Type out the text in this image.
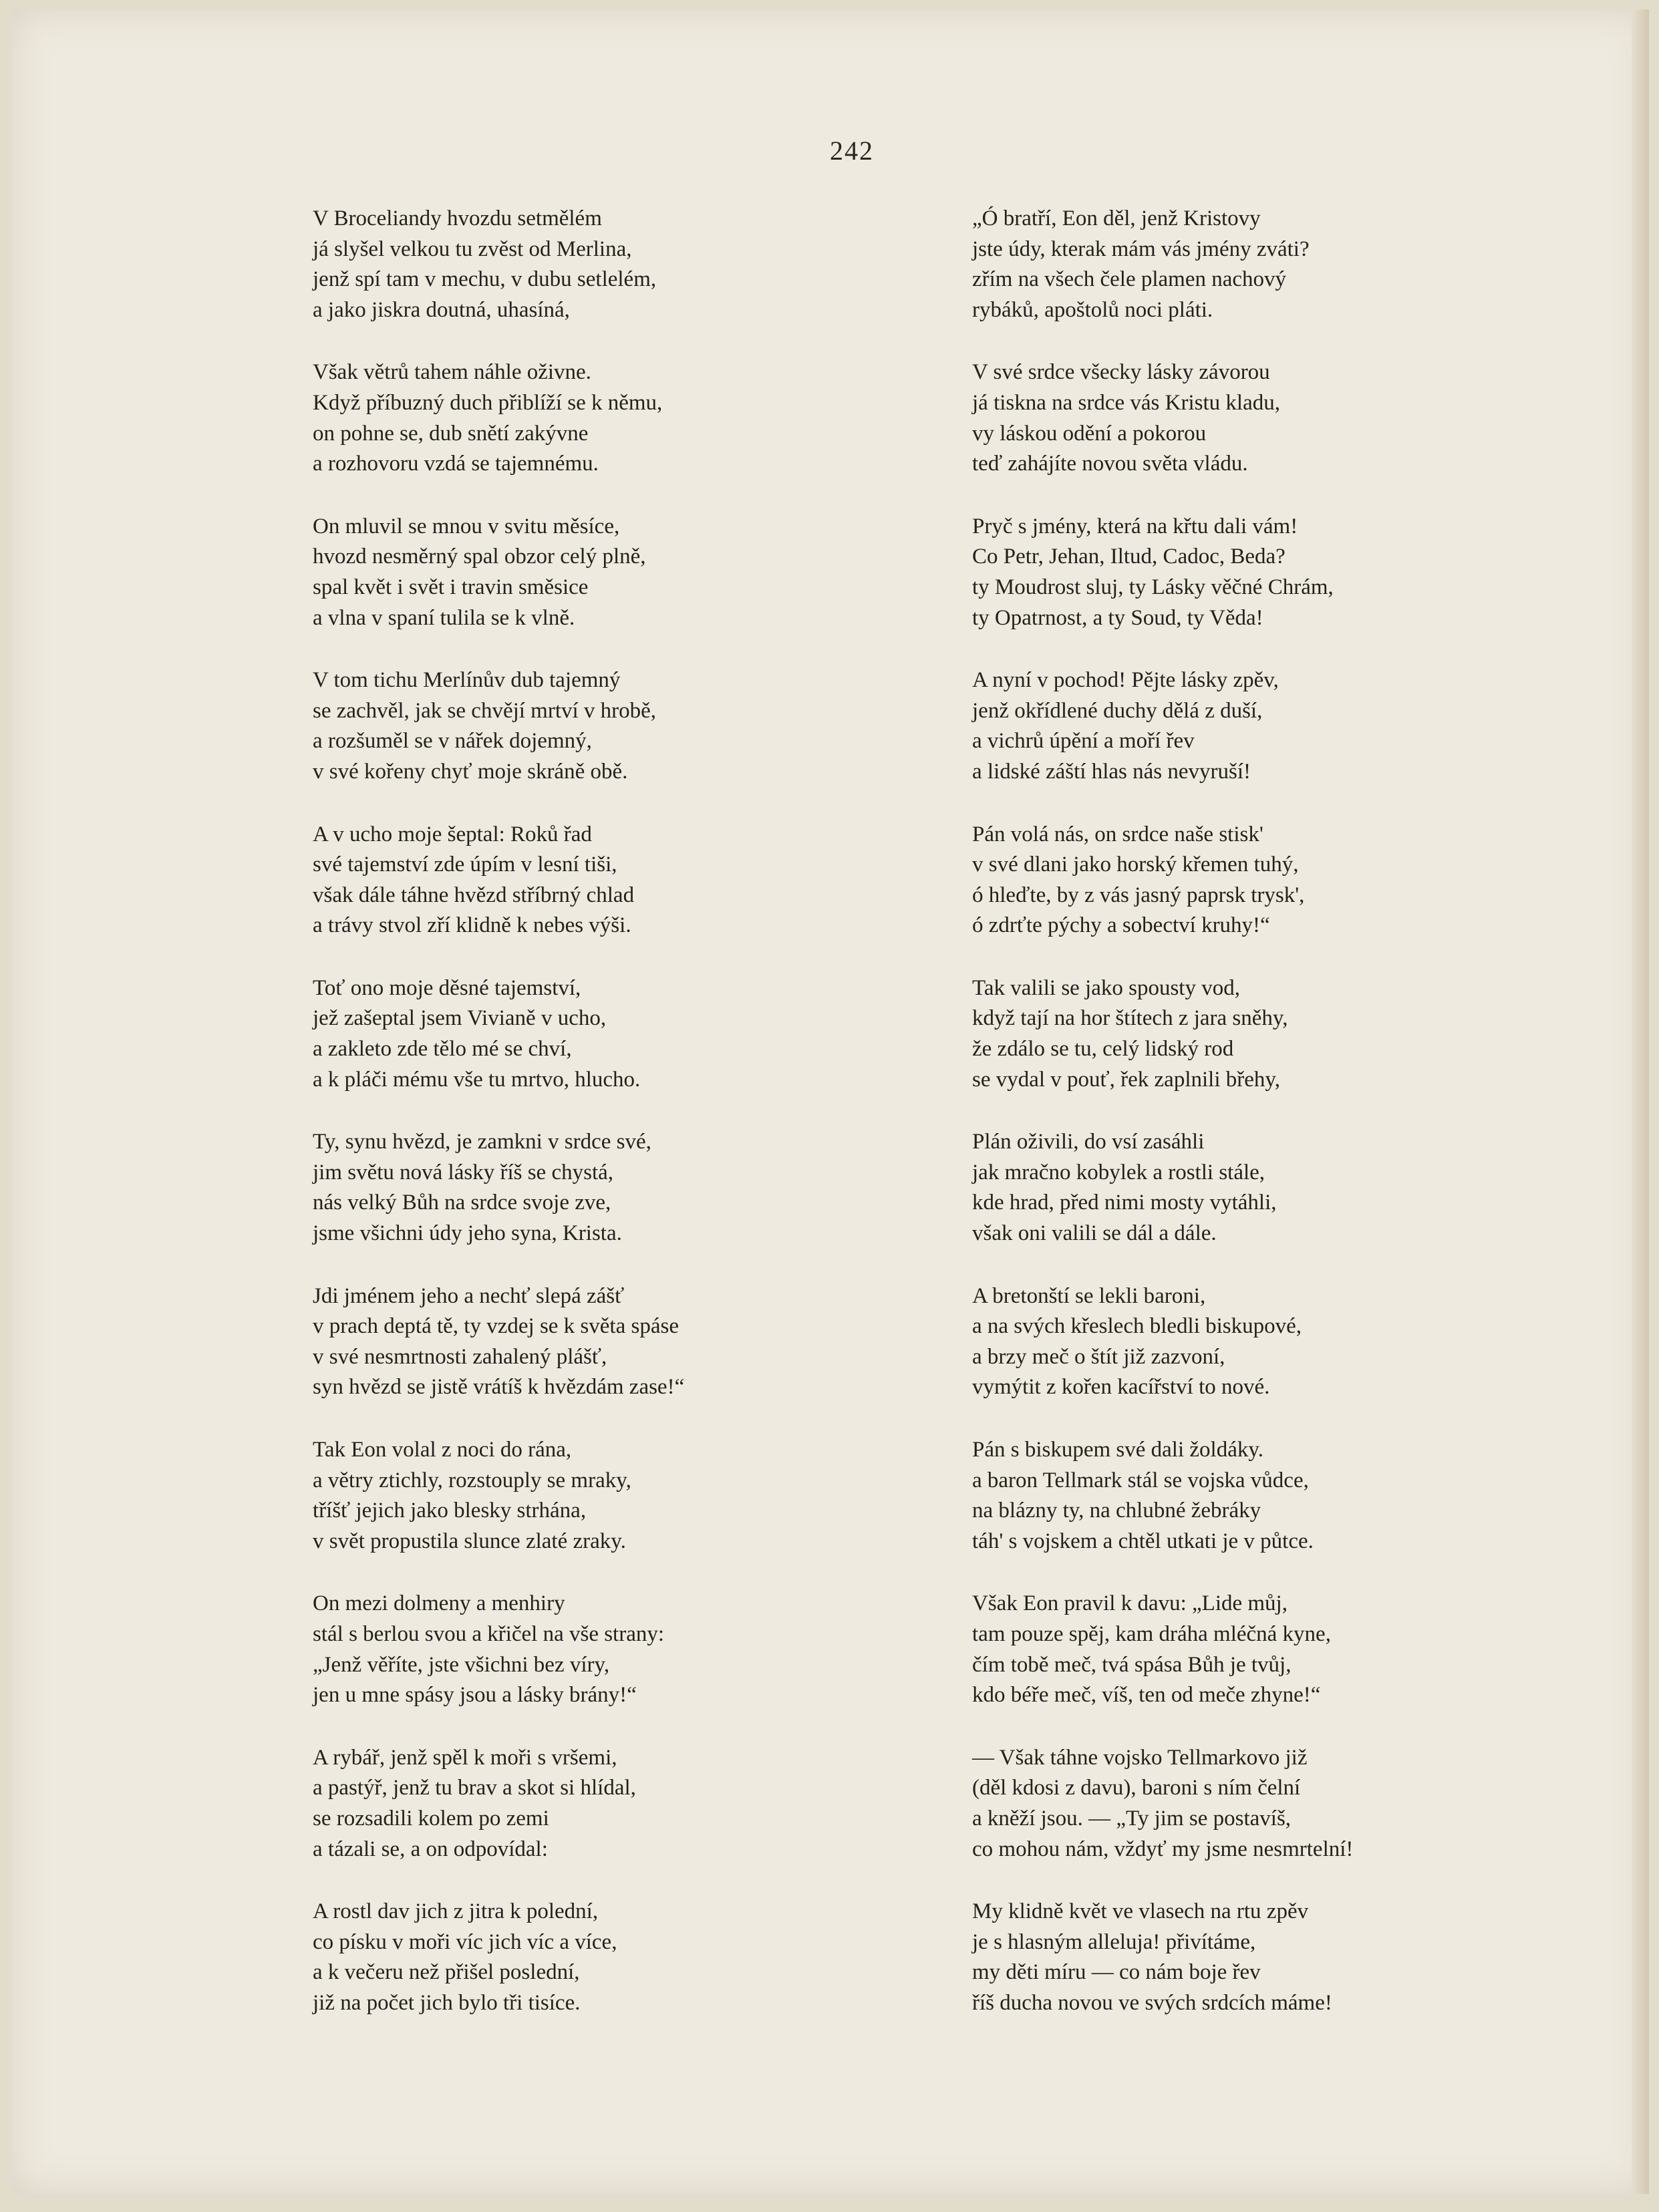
242
V Broceliandy hvozdu setmělém
já slyšel velkou tu zvěst od Merlina,
jenž spí tam v mechu, v dubu setlelém,
a jako jiskra doutná, uhasíná,
Však větrů tahem náhle oživne.
Když příbuzný duch přiblíží se k němu,
on pohne se, dub snětí zakývne
a rozhovoru vzdá se tajemnému.
On mluvil se mnou v svitu měsíce,
hvozd nesměrný spal obzor celý plně,
spal květ i svět i travin směsice
a vlna v spaní tulila se k vlně.
V tom tichu Merlínův dub tajemný
se zachvěl, jak se chvějí mrtví v hrobě,
a rozšuměl se v nářek dojemný,
v své kořeny chyť moje skráně obě.
A v ucho moje šeptal: Roků řad
své tajemství zde úpím v lesní tiši,
však dále táhne hvězd stříbrný chlad
a trávy stvol zří klidně k nebes výši.
Toť ono moje děsné tajemství,
jež zašeptal jsem Vivianě v ucho,
a zakleto zde tělo mé se chví,
a k pláči mému vše tu mrtvo, hlucho.
Ty, synu hvězd, je zamkni v srdce své,
jim světu nová lásky říš se chystá,
nás velký Bůh na srdce svoje zve,
jsme všichni údy jeho syna, Krista.
Jdi jménem jeho a nechť slepá zášť
v prach deptá tě, ty vzdej se k světa spáse
v své nesmrtnosti zahalený plášť,
syn hvězd se jistě vrátíš k hvězdám zase!“
Tak Eon volal z noci do rána,
a větry ztichly, rozstouply se mraky,
tříšť jejich jako blesky strhána,
v svět propustila slunce zlaté zraky.
On mezi dolmeny a menhiry
stál s berlou svou a křičel na vše strany:
„Jenž věříte, jste všichni bez víry,
jen u mne spásy jsou a lásky brány!“
A rybář, jenž spěl k moři s vršemi,
a pastýř, jenž tu brav a skot si hlídal,
se rozsadili kolem po zemi
a tázali se, a on odpovídal:
A rostl dav jich z jitra k polední,
co písku v moři víc jich víc a více,
a k večeru než přišel poslední,
již na počet jich bylo tři tisíce.
„Ó bratří, Eon děl, jenž Kristovy
jste údy, kterak mám vás jmény zváti?
zřím na všech čele plamen nachový
rybáků, apoštolů noci pláti.
V své srdce všecky lásky závorou
já tiskna na srdce vás Kristu kladu,
vy láskou odění a pokorou
teď zahájíte novou světa vládu.
Pryč s jmény, která na křtu dali vám!
Co Petr, Jehan, Iltud, Cadoc, Beda?
ty Moudrost sluj, ty Lásky věčné Chrám,
ty Opatrnost, a ty Soud, ty Věda!
A nyní v pochod! Pějte lásky zpěv,
jenž okřídlené duchy dělá z duší,
a vichrů úpění a moří řev
a lidské záští hlas nás nevyruší!
Pán volá nás, on srdce naše stisk'
v své dlani jako horský křemen tuhý,
ó hleďte, by z vás jasný paprsk trysk',
ó zdrťte pýchy a sobectví kruhy!“
Tak valili se jako spousty vod,
když tají na hor štítech z jara sněhy,
že zdálo se tu, celý lidský rod
se vydal v pouť, řek zaplnili břehy,
Plán oživili, do vsí zasáhli
jak mračno kobylek a rostli stále,
kde hrad, před nimi mosty vytáhli,
však oni valili se dál a dále.
A bretonští se lekli baroni,
a na svých křeslech bledli biskupové,
a brzy meč o štít již zazvoní,
vymýtit z kořen kacířství to nové.
Pán s biskupem své dali žoldáky.
a baron Tellmark stál se vojska vůdce,
na blázny ty, na chlubné žebráky
táh' s vojskem a chtěl utkati je v půtce.
Však Eon pravil k davu: „Lide můj,
tam pouze spěj, kam dráha mléčná kyne,
čím tobě meč, tvá spása Bůh je tvůj,
kdo béře meč, víš, ten od meče zhyne!“
— Však táhne vojsko Tellmarkovo již
(děl kdosi z davu), baroni s ním čelní
a kněží jsou. — „Ty jim se postavíš,
co mohou nám, vždyť my jsme nesmrtelní!
My klidně květ ve vlasech na rtu zpěv
je s hlasným alleluja! přivítáme,
my děti míru — co nám boje řev
říš ducha novou ve svých srdcích máme!
